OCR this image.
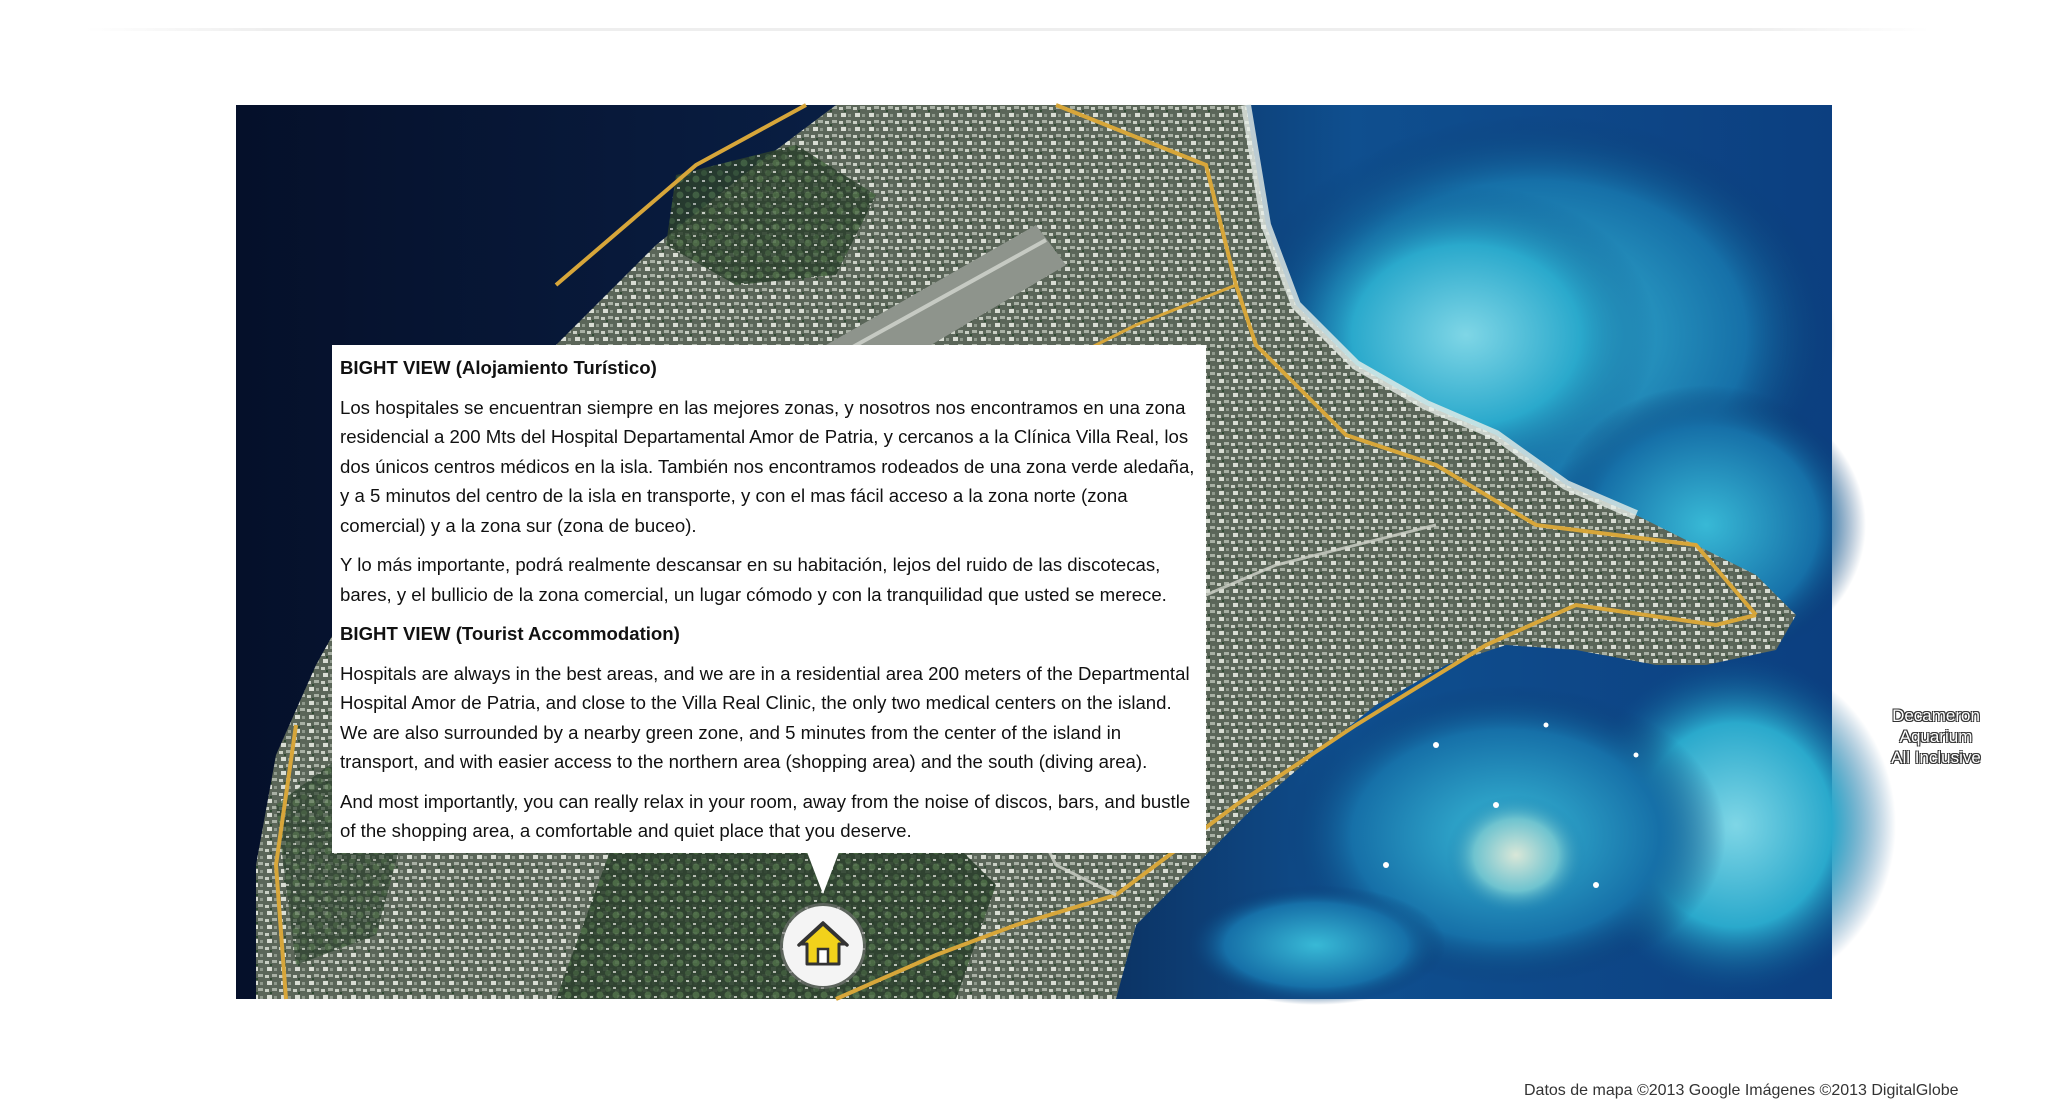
Decameron
Aquarium
All Inclusive
Datos de mapa ©2013 Google Imágenes ©2013 DigitalGlobe

BIGHT VIEW (Alojamiento Turístico)

Los hospitales se encuentran siempre en las mejores zonas, y nosotros nos encontramos en una zona residencial a 200 Mts del Hospital Departamental Amor de Patria, y cercanos a la Clínica Villa Real, los dos únicos centros médicos en la isla. También nos encontramos rodeados de una zona verde aledaña, y a 5 minutos del centro de la isla en transporte, y con el mas fácil acceso a la zona norte (zona comercial) y a la zona sur (zona de buceo).

Y lo más importante, podrá realmente descansar en su habitación, lejos del ruido de las discotecas, bares, y el bullicio de la zona comercial, un lugar cómodo y con la tranquilidad que usted se merece.

BIGHT VIEW (Tourist Accommodation)

Hospitals are always in the best areas, and we are in a residential area 200 meters of the Departmental Hospital Amor de Patria, and close to the Villa Real Clinic, the only two medical centers on the island. We are also surrounded by a nearby green zone, and 5 minutes from the center of the island in transport, and with easier access to the northern area (shopping area) and the south (diving area).

And most importantly, you can really relax in your room, away from the noise of discos, bars, and bustle of the shopping area, a comfortable and quiet place that you deserve.
